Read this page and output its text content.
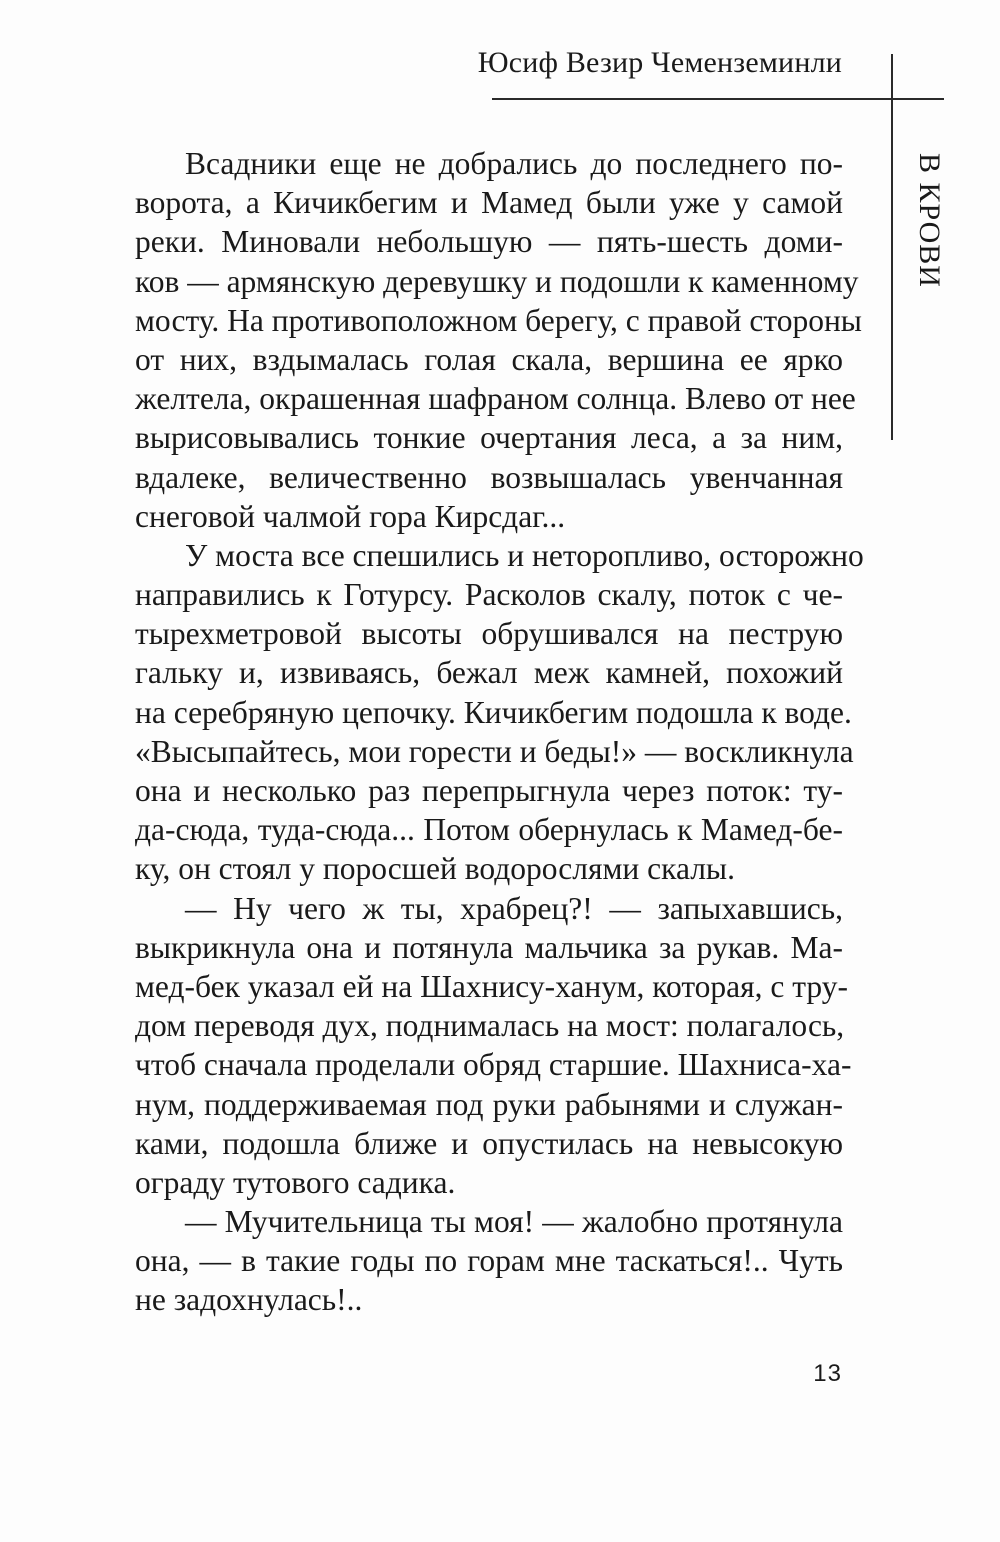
Юсиф Везир Чеменземинли
В КРОВИ
Всадники еще не добрались до последнего по-
ворота, а Кичикбегим и Мамед были уже у самой
реки. Миновали небольшую — пять-шесть доми-
ков — армянскую деревушку и подошли к каменному
мосту. На противоположном берегу, с правой стороны
от них, вздымалась голая скала, вершина ее ярко
желтела, окрашенная шафраном солнца. Влево от нее
вырисовывались тонкие очертания леса, а за ним,
вдалеке, величественно возвышалась увенчанная
снеговой чалмой гора Кирсдаг...
У моста все спешились и неторопливо, осторожно
направились к Готурсу. Расколов скалу, поток с че-
тырехметровой высоты обрушивался на пеструю
гальку и, извиваясь, бежал меж камней, похожий
на серебряную цепочку. Кичикбегим подошла к воде.
«Высыпайтесь, мои горести и беды!» — воскликнула
она и несколько раз перепрыгнула через поток: ту-
да-сюда, туда-сюда... Потом обернулась к Мамед-бе-
ку, он стоял у поросшей водорослями скалы.
— Ну чего ж ты, храбрец?! — запыхавшись,
выкрикнула она и потянула мальчика за рукав. Ма-
мед-бек указал ей на Шахнису-ханум, которая, с тру-
дом переводя дух, поднималась на мост: полагалось,
чтоб сначала проделали обряд старшие. Шахниса-ха-
нум, поддерживаемая под руки рабынями и служан-
ками, подошла ближе и опустилась на невысокую
ограду тутового садика.
— Мучительница ты моя! — жалобно протянула
она, — в такие годы по горам мне таскаться!.. Чуть
не задохнулась!..
13
